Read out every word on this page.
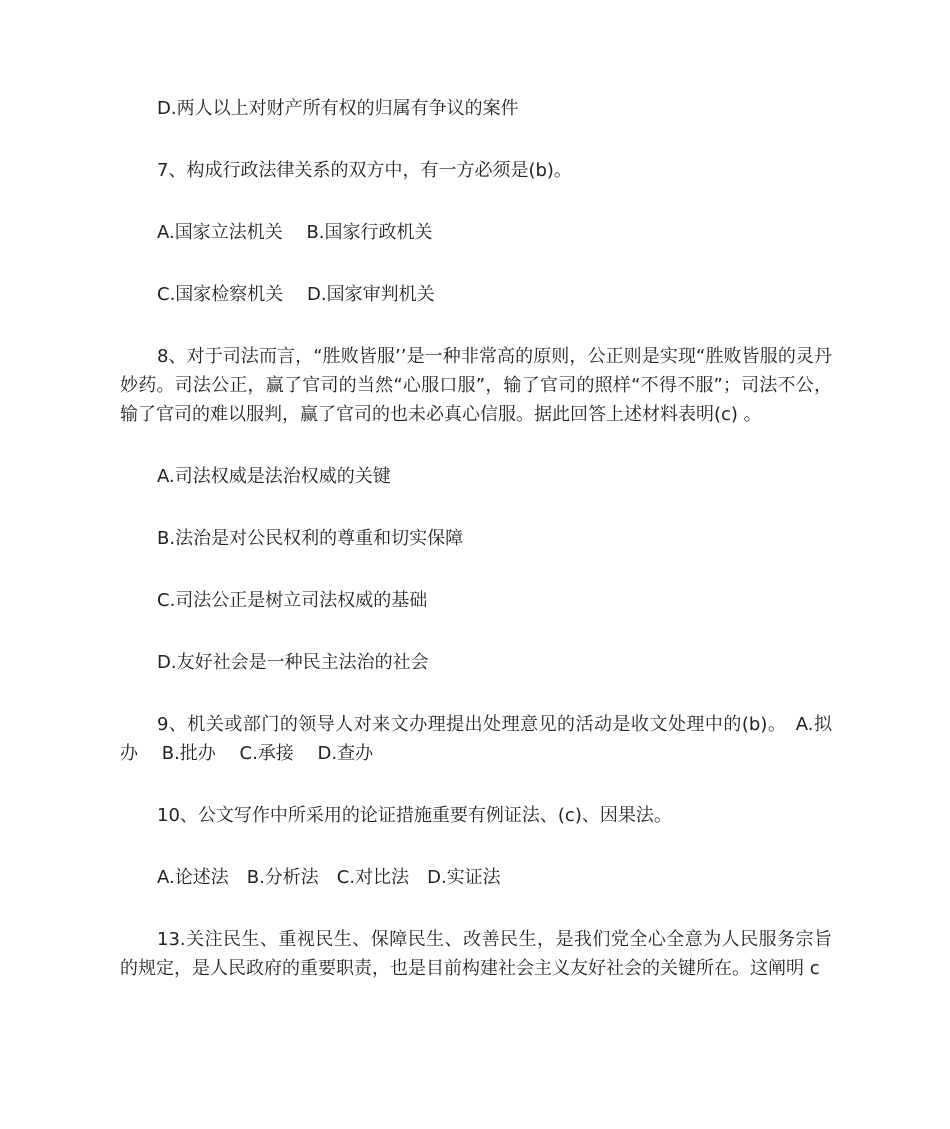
D.两人以上对财产所有权的归属有争议的案件

7、构成行政法律关系的双方中，有一方必须是(b)。

A.国家立法机关　 B.国家行政机关

C.国家检察机关　 D.国家审判机关

8、对于司法而言，“胜败皆服’’是一种非常高的原则，公正则是实现“胜败皆服的灵丹妙药。司法公正，赢了官司的当然“心服口服”，输了官司的照样“不得不服”；司法不公，输了官司的难以服判，赢了官司的也未必真心信服。据此回答上述材料表明(c) 。

A.司法权威是法治权威的关键

B.法治是对公民权利的尊重和切实保障

C.司法公正是树立司法权威的基础

D.友好社会是一种民主法治的社会

9、机关或部门的领导人对来文办理提出处理意见的活动是收文处理中的(b)。　A.拟办　 B.批办　 C.承接　 D.查办

10、公文写作中所采用的论证措施重要有例证法、(c)、因果法。

A.论述法　B.分析法　C.对比法　D.实证法

13.关注民生、重视民生、保障民生、改善民生，是我们党全心全意为人民服务宗旨的规定，是人民政府的重要职责，也是目前构建社会主义友好社会的关键所在。这阐明 c
